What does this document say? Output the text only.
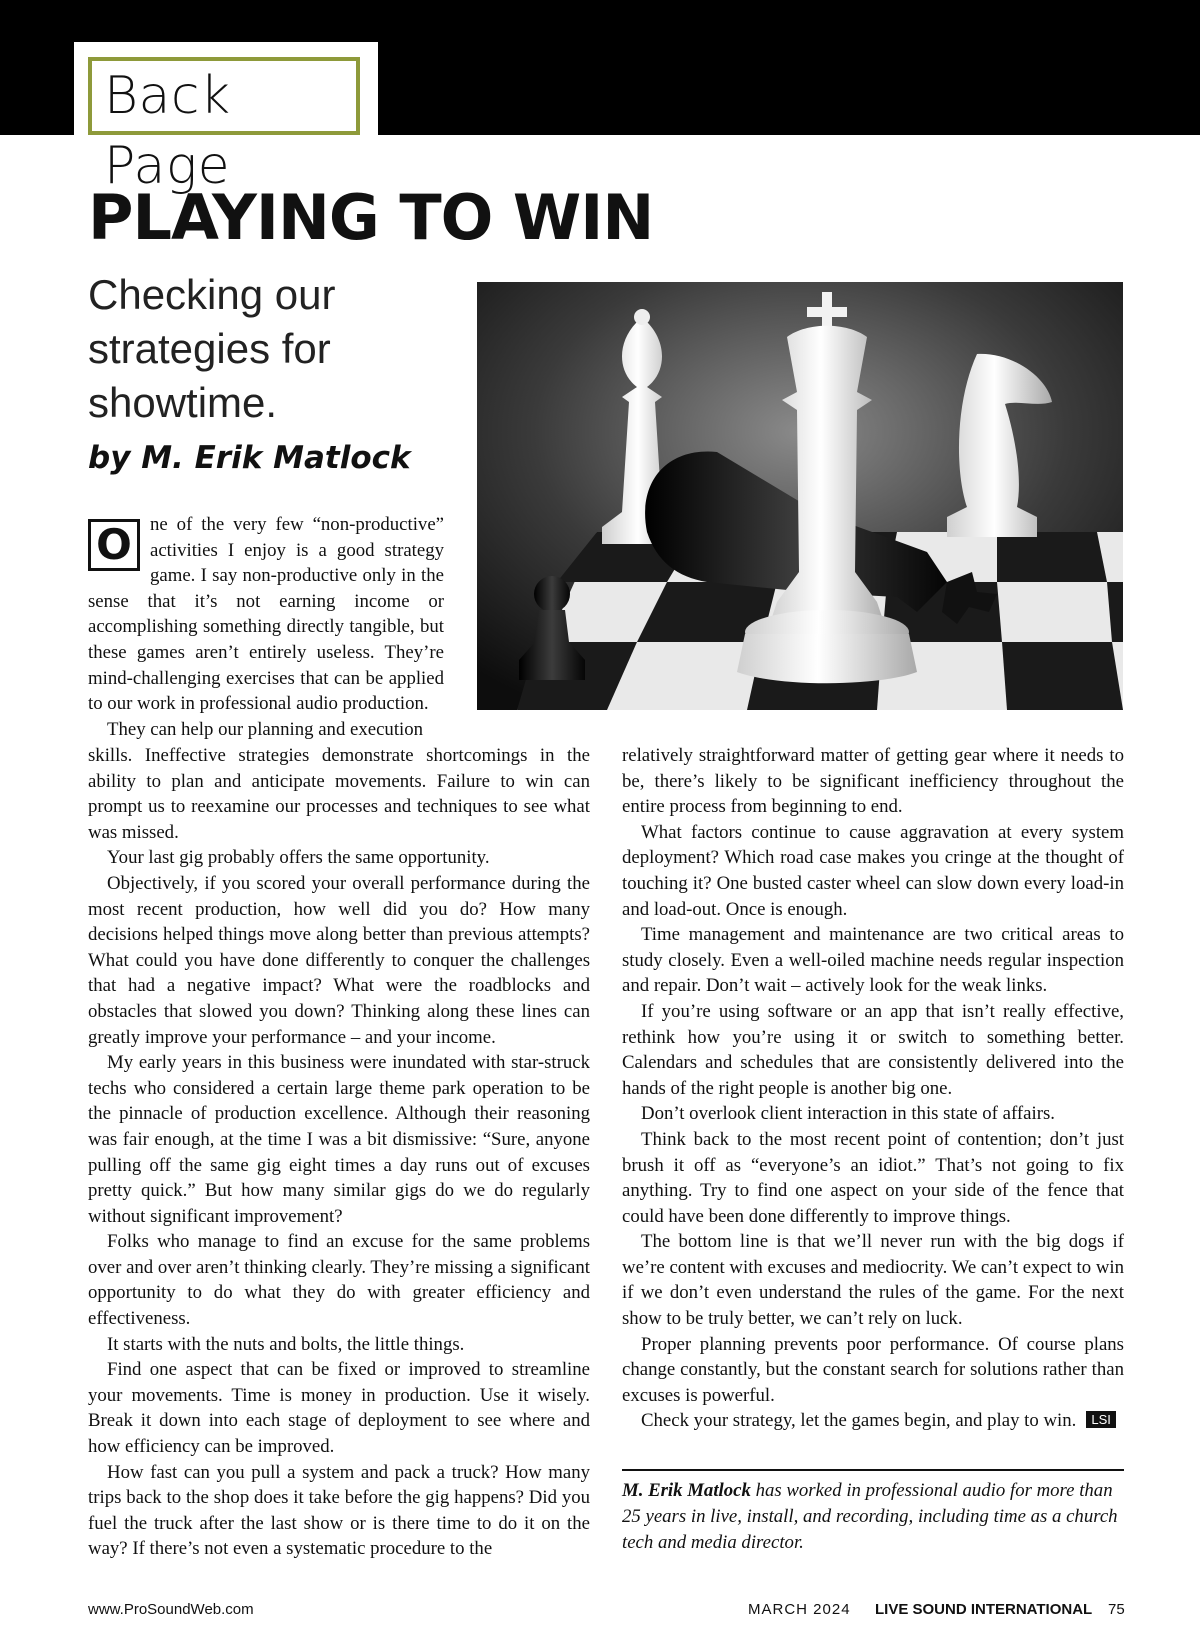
Back Page
PLAYING TO WIN

Checking our strategies for showtime.

by M. Erik Matlock

O ne of the very few “non-productive” activities I enjoy is a good strategy game. I say non-productive only in the sense that it’s not earning income or accomplishing something directly tangible, but these games aren’t entirely useless. They’re mind-challenging exercises that can be applied to our work in professional audio production.

They can help our planning and execution

skills. Ineffective strategies demonstrate shortcomings in the ability to plan and anticipate movements. Failure to win can prompt us to reexamine our processes and techniques to see what was missed.

Your last gig probably offers the same opportunity.

Objectively, if you scored your overall performance during the most recent production, how well did you do? How many decisions helped things move along better than previous attempts? What could you have done differently to conquer the challenges that had a negative impact? What were the roadblocks and obstacles that slowed you down? Thinking along these lines can greatly improve your performance – and your income.

My early years in this business were inundated with star-struck techs who considered a certain large theme park operation to be the pinnacle of production excellence. Although their reasoning was fair enough, at the time I was a bit dismissive: “Sure, anyone pulling off the same gig eight times a day runs out of excuses pretty quick.” But how many similar gigs do we do regularly without significant improvement?

Folks who manage to find an excuse for the same problems over and over aren’t thinking clearly. They’re missing a significant opportunity to do what they do with greater efficiency and effectiveness.

It starts with the nuts and bolts, the little things.

Find one aspect that can be fixed or improved to streamline your movements. Time is money in production. Use it wisely. Break it down into each stage of deployment to see where and how efficiency can be improved.

How fast can you pull a system and pack a truck? How many trips back to the shop does it take before the gig happens? Did you fuel the truck after the last show or is there time to do it on the way? If there’s not even a systematic procedure to the

relatively straightforward matter of getting gear where it needs to be, there’s likely to be significant inefficiency throughout the entire process from beginning to end.

What factors continue to cause aggravation at every system deployment? Which road case makes you cringe at the thought of touching it? One busted caster wheel can slow down every load-in and load-out. Once is enough.

Time management and maintenance are two critical areas to study closely. Even a well-oiled machine needs regular inspection and repair. Don’t wait – actively look for the weak links.

If you’re using software or an app that isn’t really effective, rethink how you’re using it or switch to something better. Calendars and schedules that are consistently delivered into the hands of the right people is another big one.

Don’t overlook client interaction in this state of affairs.

Think back to the most recent point of contention; don’t just brush it off as “everyone’s an idiot.” That’s not going to fix anything. Try to find one aspect on your side of the fence that could have been done differently to improve things.

The bottom line is that we’ll never run with the big dogs if we’re content with excuses and mediocrity. We can’t expect to win if we don’t even understand the rules of the game. For the next show to be truly better, we can’t rely on luck.

Proper planning prevents poor performance. Of course plans change constantly, but the constant search for solutions rather than excuses is powerful.

Check your strategy, let the games begin, and play to win. LSI

M. Erik Matlock has worked in professional audio for more than 25 years in live, install, and recording, including time as a church tech and media director.

www.ProSoundWeb.com	MARCH 2024 LIVE SOUND INTERNATIONAL 75
